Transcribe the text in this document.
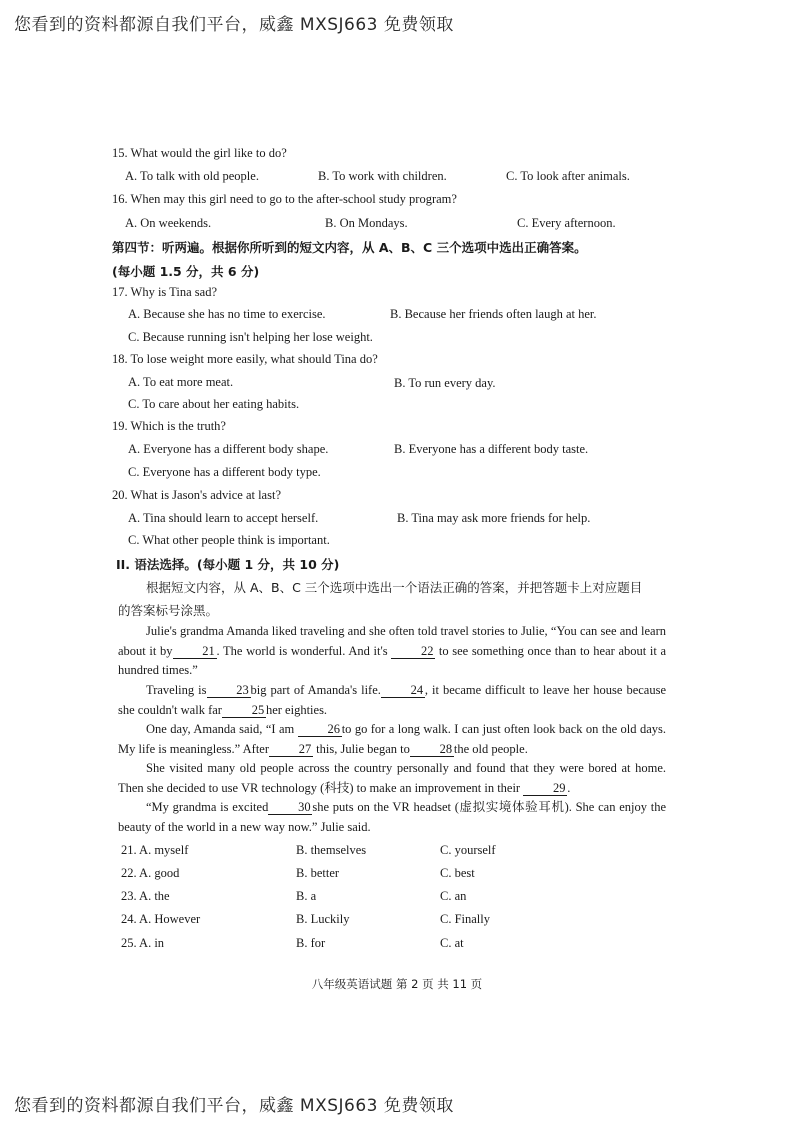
您看到的资料都源自我们平台，威鑫 MXSJ663 免费领取
15. What would the girl like to do?
A. To talk with old people.	B. To work with children.	C. To look after animals.
16. When may this girl need to go to the after-school study program?
A. On weekends.	B. On Mondays.	C. Every afternoon.
第四节：听两遍。根据你所听到的短文内容，从 A、B、C 三个选项中选出正确答案。
(每小题 1.5 分，共 6 分)
17. Why is Tina sad?
A. Because she has no time to exercise.	B. Because her friends often laugh at her.
C. Because running isn't helping her lose weight.
18. To lose weight more easily, what should Tina do?
A. To eat more meat.	B. To run every day.
C. To care about her eating habits.
19. Which is the truth?
A. Everyone has a different body shape.	B. Everyone has a different body taste.
C. Everyone has a different body type.
20. What is Jason's advice at last?
A. Tina should learn to accept herself.	B. Tina may ask more friends for help.
C. What other people think is important.
II. 语法选择。(每小题 1 分，共 10 分)
根据短文内容，从 A、B、C 三个选项中选出一个语法正确的答案，并把答题卡上对应题目
的答案标号涂黑。
Julie's grandma Amanda liked traveling and she often told travel stories to Julie, “You can see and learn about it by 21 . The world is wonderful. And it's	22 to see something once than to hear about it a hundred times.”
Traveling is 23 big part of Amanda's life. 24 , it became difficult to leave her house because she couldn't walk far 25 her eighties.
One day, Amanda said, “I am	26 to go for a long walk. I can just often look back on the old days. My life is meaningless.” After 27 this, Julie began to 28 the old people.
She visited many old people across the country personally and found that they were bored at home. Then she decided to use VR technology (科技) to make an improvement in their	29 .
“My grandma is excited 30 she puts on the VR headset (虚拟实境体验耳机). She can enjoy the beauty of the world in a new way now.” Julie said.
21. A. myself	B. themselves	C. yourself
22. A. good	B. better	C. best
23. A. the	B. a	C. an
24. A. However	B. Luckily	C. Finally
25. A. in	B. for	C. at
八年级英语试题 第 2 页 共 11 页
您看到的资料都源自我们平台，威鑫 MXSJ663 免费领取
